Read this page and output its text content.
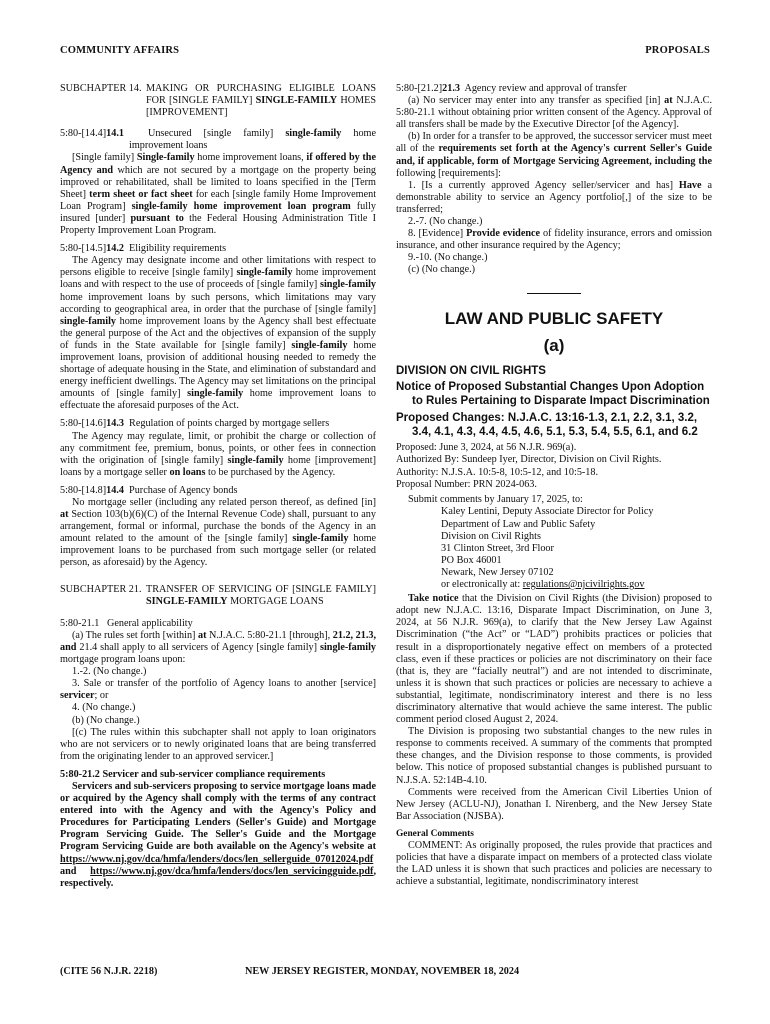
COMMUNITY AFFAIRS	PROPOSALS
SUBCHAPTER 14. MAKING OR PURCHASING ELIGIBLE LOANS FOR [SINGLE FAMILY] SINGLE-FAMILY HOMES [IMPROVEMENT]

5:80-[14.4]14.1 Unsecured [single family] single-family home improvement loans

[Single family] Single-family home improvement loans, if offered by the Agency and which are not secured by a mortgage on the property being improved or rehabilitated, shall be limited to loans specified in the [Term Sheet] term sheet or fact sheet for each [single family Home Improvement Loan Program] single-family home improvement loan program fully insured [under] pursuant to the Federal Housing Administration Title I Property Improvement Loan Program.

5:80-[14.5]14.2 Eligibility requirements

The Agency may designate income and other limitations with respect to persons eligible to receive [single family] single-family home improvement loans and with respect to the use of proceeds of [single family] single-family home improvement loans by such persons, which limitations may vary according to geographical area, in order that the purchase of [single family] single-family home improvement loans by the Agency shall best effectuate the general purpose of the Act and the objectives of expansion of the supply of funds in the State available for [single family] single-family home improvement loans, provision of additional housing needed to remedy the shortage of adequate housing in the State, and elimination of substandard and energy inefficient dwellings. The Agency may set limitations on the principal amounts of [single family] single-family home improvement loans to effectuate the aforesaid purposes of the Act.

5:80-[14.6]14.3 Regulation of points charged by mortgage sellers

The Agency may regulate, limit, or prohibit the charge or collection of any commitment fee, premium, bonus, points, or other fees in connection with the origination of [single family] single-family home [improvement] loans by a mortgage seller on loans to be purchased by the Agency.

5:80-[14.8]14.4 Purchase of Agency bonds

No mortgage seller (including any related person thereof, as defined [in] at Section 103(b)(6)(C) of the Internal Revenue Code) shall, pursuant to any arrangement, formal or informal, purchase the bonds of the Agency in an amount related to the amount of the [single family] single-family home improvement loans to be purchased from such mortgage seller (or related person, as aforesaid) by the Agency.

SUBCHAPTER 21. TRANSFER OF SERVICING OF [SINGLE FAMILY] SINGLE-FAMILY MORTGAGE LOANS

5:80-21.1 General applicability

(a) The rules set forth [within] at N.J.A.C. 5:80-21.1 [through], 21.2, 21.3, and 21.4 shall apply to all servicers of Agency [single family] single-family mortgage program loans upon:

1.-2. (No change.)

3. Sale or transfer of the portfolio of Agency loans to another [service] servicer; or

4. (No change.)

(b) (No change.)

[(c) The rules within this subchapter shall not apply to loan originators who are not servicers or to newly originated loans that are being transferred from the originating lender to an approved servicer.]

5:80-21.2 Servicer and sub-servicer compliance requirements

Servicers and sub-servicers proposing to service mortgage loans made or acquired by the Agency shall comply with the terms of any contract entered into with the Agency and with the Agency's Policy and Procedures for Participating Lenders (Seller's Guide) and Mortgage Program Servicing Guide. The Seller's Guide and the Mortgage Program Servicing Guide are both available on the Agency's website at https://www.nj.gov/dca/hmfa/lenders/docs/len_sellerguide_07012024.pdf and https://www.nj.gov/dca/hmfa/lenders/docs/len_servicingguide.pdf, respectively.

5:80-[21.2]21.3 Agency review and approval of transfer

(a) No servicer may enter into any transfer as specified [in] at N.J.A.C. 5:80-21.1 without obtaining prior written consent of the Agency. Approval of all transfers shall be made by the Executive Director [of the Agency].

(b) In order for a transfer to be approved, the successor servicer must meet all of the requirements set forth at the Agency's current Seller's Guide and, if applicable, form of Mortgage Servicing Agreement, including the following [requirements]:

1. [Is a currently approved Agency seller/servicer and has] Have a demonstrable ability to service an Agency portfolio[,] of the size to be transferred;

2.-7. (No change.)

8. [Evidence] Provide evidence of fidelity insurance, errors and omission insurance, and other insurance required by the Agency;

9.-10. (No change.)

(c) (No change.)

LAW AND PUBLIC SAFETY
(a)

DIVISION ON CIVIL RIGHTS

Notice of Proposed Substantial Changes Upon Adoption to Rules Pertaining to Disparate Impact Discrimination

Proposed Changes: N.J.A.C. 13:16-1.3, 2.1, 2.2, 3.1, 3.2, 3.4, 4.1, 4.3, 4.4, 4.5, 4.6, 5.1, 5.3, 5.4, 5.5, 6.1, and 6.2

Proposed: June 3, 2024, at 56 N.J.R. 969(a).

Authorized By: Sundeep Iyer, Director, Division on Civil Rights.

Authority: N.J.S.A. 10:5-8, 10:5-12, and 10:5-18.

Proposal Number: PRN 2024-063.

Submit comments by January 17, 2025, to:

Kaley Lentini, Deputy Associate Director for Policy
Department of Law and Public Safety
Division on Civil Rights
31 Clinton Street, 3rd Floor
PO Box 46001
Newark, New Jersey 07102
or electronically at: regulations@njcivilrights.gov

Take notice that the Division on Civil Rights (the Division) proposed to adopt new N.J.A.C. 13:16, Disparate Impact Discrimination, on June 3, 2024, at 56 N.J.R. 969(a), to clarify that the New Jersey Law Against Discrimination (“the Act” or “LAD”) prohibits practices or policies that result in a disproportionately negative effect on members of a protected class, even if these practices or policies are not discriminatory on their face (that is, they are “facially neutral”) and are not intended to discriminate, unless it is shown that such practices or policies are necessary to achieve a substantial, legitimate, nondiscriminatory interest and there is no less discriminatory alternative that would achieve the same interest. The public comment period closed August 2, 2024.

The Division is proposing two substantial changes to the new rules in response to comments received. A summary of the comments that prompted these changes, and the Division response to those comments, is provided below. This notice of proposed substantial changes is published pursuant to N.J.S.A. 52:14B-4.10.

Comments were received from the American Civil Liberties Union of New Jersey (ACLU-NJ), Jonathan I. Nirenberg, and the New Jersey State Bar Association (NJSBA).

General Comments

COMMENT: As originally proposed, the rules provide that practices and policies that have a disparate impact on members of a protected class violate the LAD unless it is shown that such practices and policies are necessary to achieve a substantial, legitimate, nondiscriminatory interest

(CITE 56 N.J.R. 2218)	NEW JERSEY REGISTER, MONDAY, NOVEMBER 18, 2024
